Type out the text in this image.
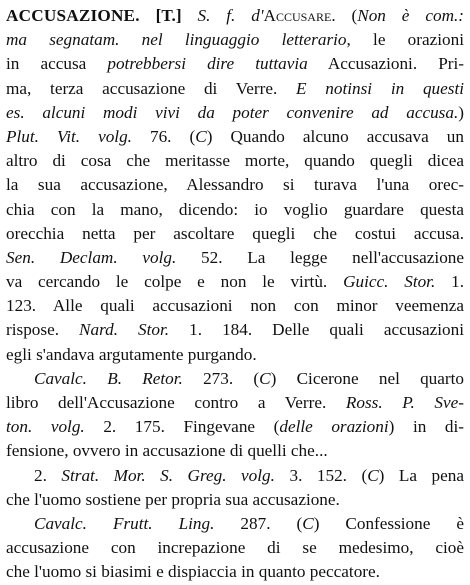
ACCUSAZIONE. [T.] S. f. d'Accusare. (Non è com.:
ma segnatam. nel linguaggio letterario, le orazioni
in accusa potrebbersi dire tuttavia Accusazioni. Pri-
ma, terza accusazione di Verre. E notinsi in questi
es. alcuni modi vivi da poter convenire ad accusa.)
Plut. Vit. volg. 76. (C) Quando alcuno accusava un
altro di cosa che meritasse morte, quando quegli dicea
la sua accusazione, Alessandro si turava l'una orec-
chia con la mano, dicendo: io voglio guardare questa
orecchia netta per ascoltare quegli che costui accusa.
Sen. Declam. volg. 52. La legge nell'accusazione
va cercando le colpe e non le virtù. Guicc. Stor. 1.
123. Alle quali accusazioni non con minor veemenza
rispose. Nard. Stor. 1. 184. Delle quali accusazioni
egli s'andava argutamente purgando.
Cavalc. B. Retor. 273. (C) Cicerone nel quarto
libro dell'Accusazione contro a Verre. Ross. P. Sve-
ton. volg. 2. 175. Fingevane (delle orazioni) in di-
fensione, ovvero in accusazione di quelli che...
2. Strat. Mor. S. Greg. volg. 3. 152. (C) La pena
che l'uomo sostiene per propria sua accusazione.
Cavalc. Frutt. Ling. 287. (C) Confessione è
accusazione con increpazione di se medesimo, cioè
che l'uomo si biasimi e dispiaccia in quanto peccatore.
